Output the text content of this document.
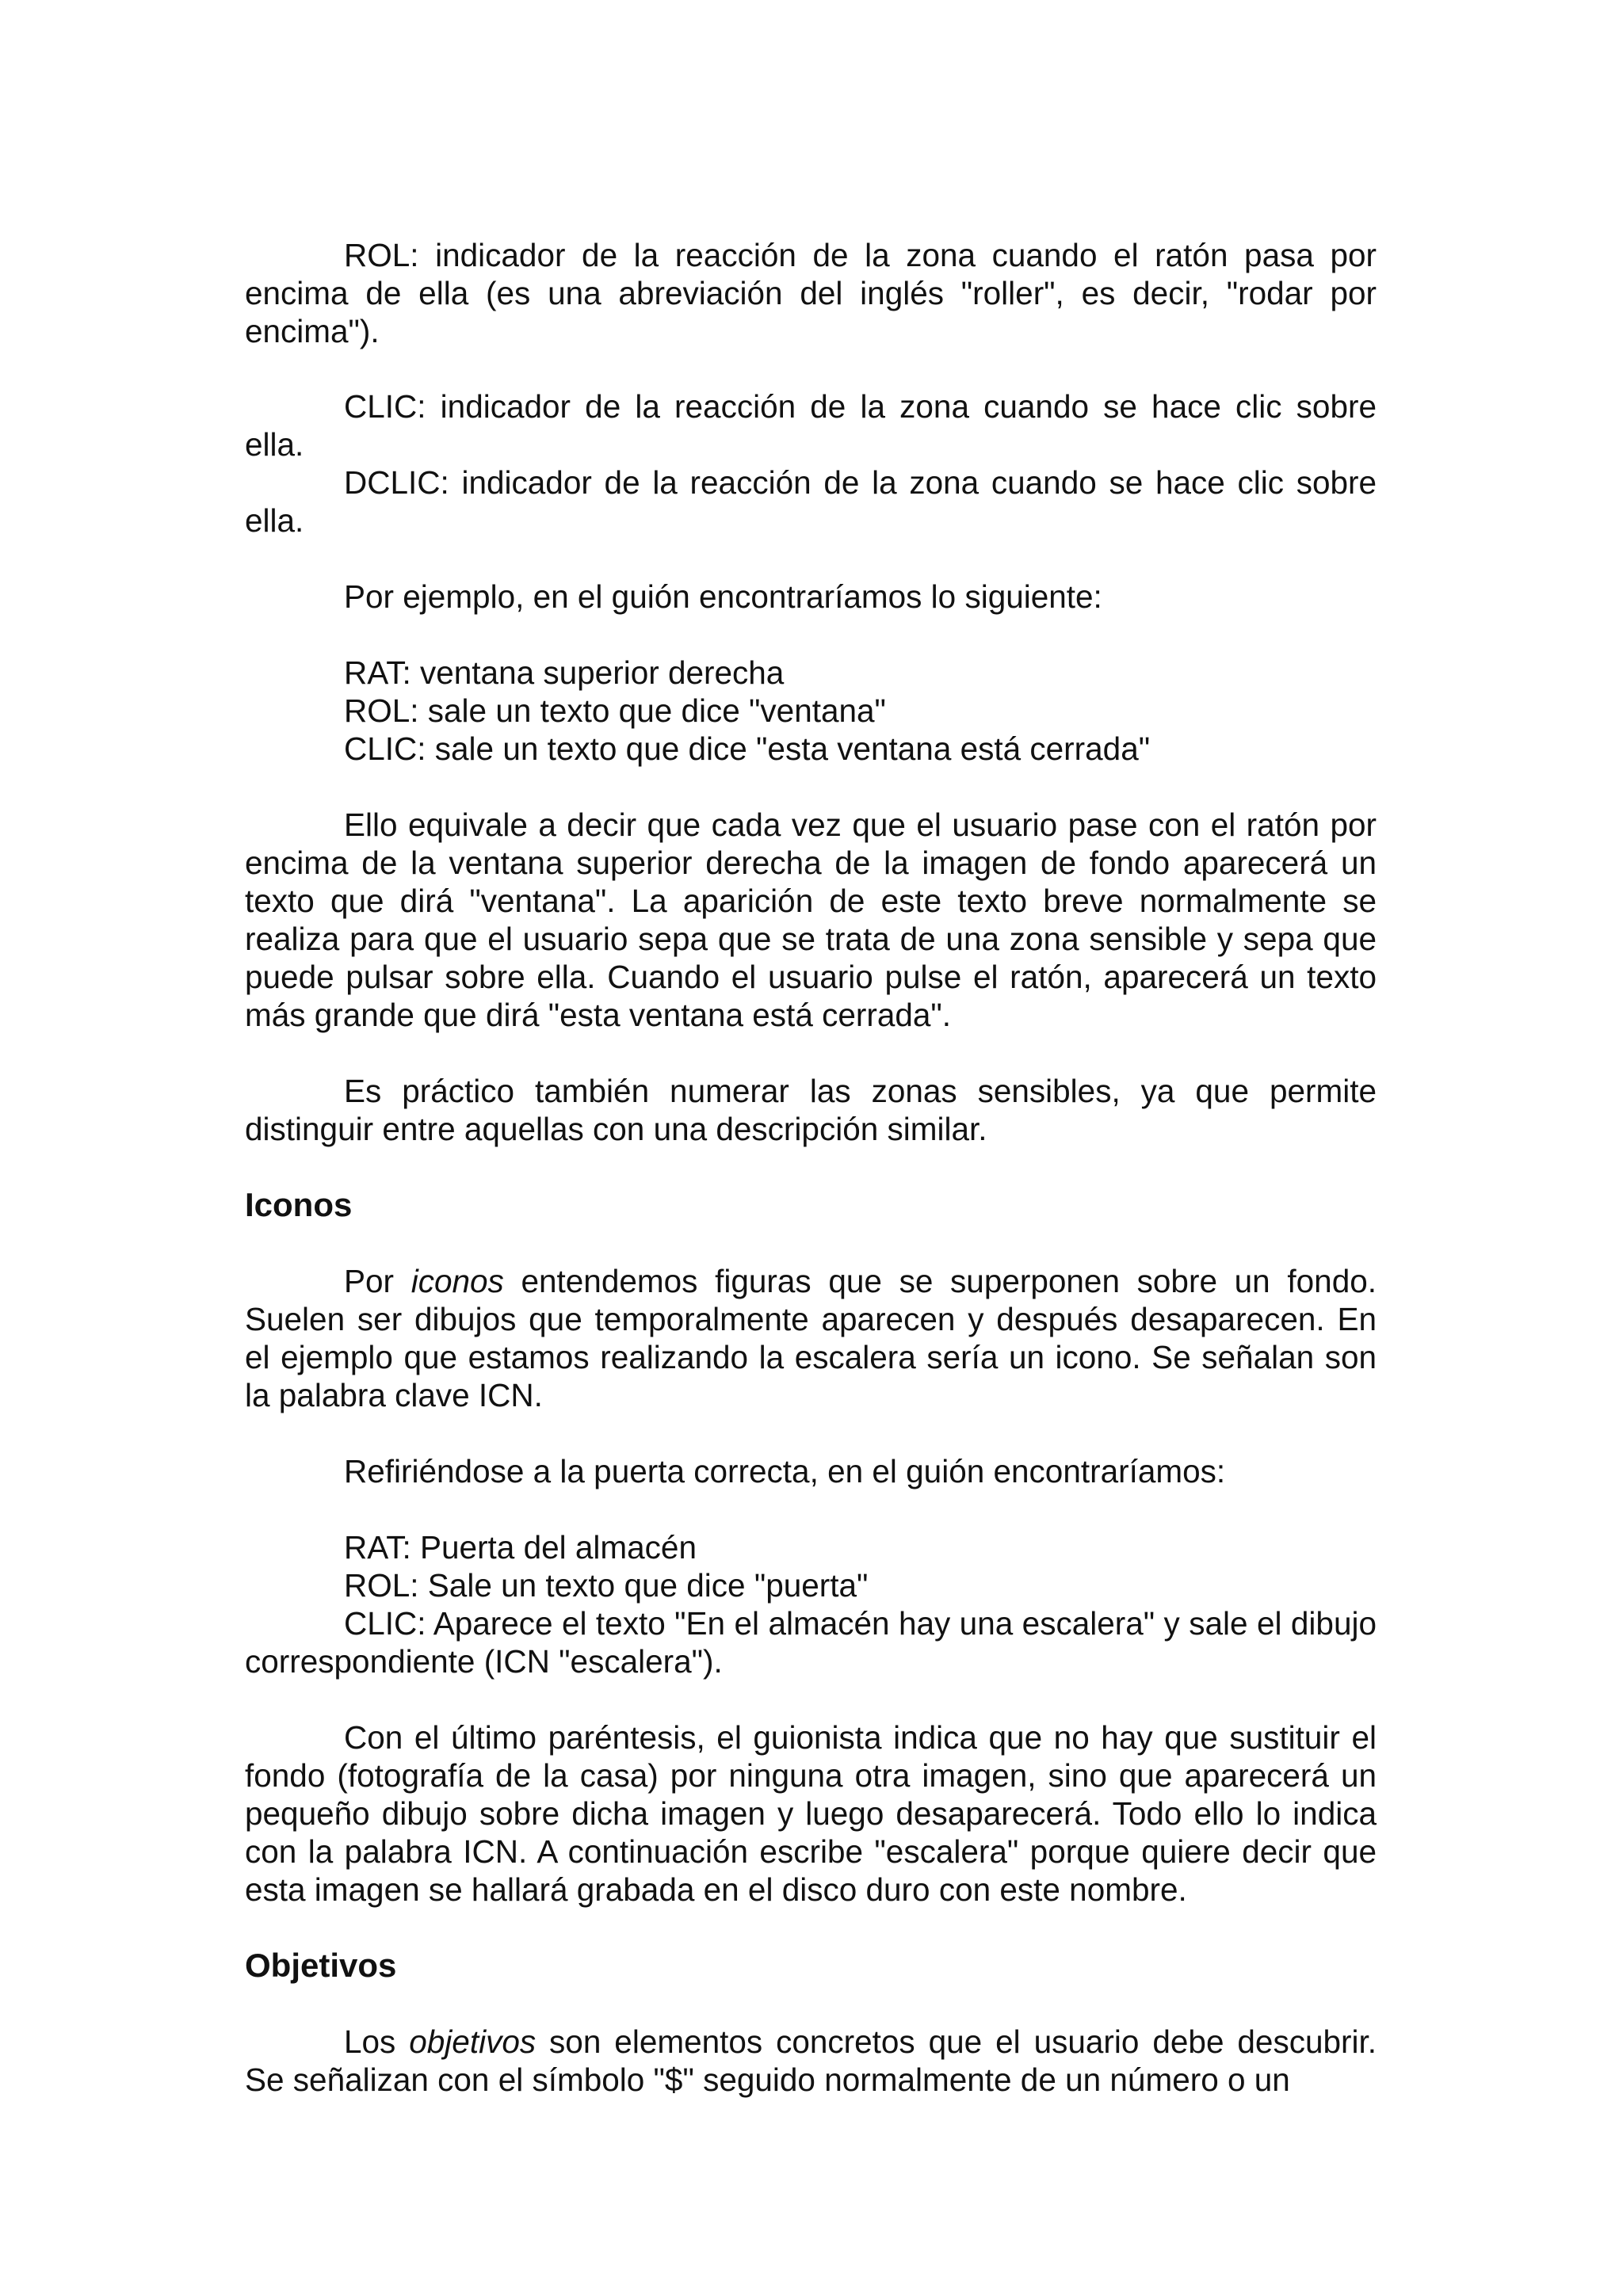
ROL: indicador de la reacción de la zona cuando el ratón pasa por encima de ella (es una abreviación del inglés "roller", es decir, "rodar por encima").
CLIC: indicador de la reacción de la zona cuando se hace clic sobre ella.
DCLIC: indicador de la reacción de la zona cuando se hace clic sobre ella.
Por ejemplo, en el guión encontraríamos lo siguiente:
RAT: ventana superior derecha
ROL: sale un texto que dice "ventana"
CLIC: sale un texto que dice "esta ventana está cerrada"
Ello equivale a decir que cada vez que el usuario pase con el ratón por encima de la ventana superior derecha de la imagen de fondo aparecerá un texto que dirá "ventana". La aparición de este texto breve normalmente se realiza para que el usuario sepa que se trata de una zona sensible y sepa que puede pulsar sobre ella. Cuando el usuario pulse el ratón, aparecerá un texto más grande que dirá "esta ventana está cerrada".
Es práctico también numerar las zonas sensibles, ya que permite distinguir entre aquellas con una descripción similar.
Iconos
Por iconos entendemos figuras que se superponen sobre un fondo. Suelen ser dibujos que temporalmente aparecen y después desaparecen. En el ejemplo que estamos realizando la escalera sería un icono. Se señalan son la palabra clave ICN.
Refiriéndose a la puerta correcta, en el guión encontraríamos:
RAT: Puerta del almacén
ROL: Sale un texto que dice "puerta"
CLIC: Aparece el texto "En el almacén hay una escalera" y sale el dibujo correspondiente (ICN "escalera").
Con el último paréntesis, el guionista indica que no hay que sustituir el fondo (fotografía de la casa) por ninguna otra imagen, sino que aparecerá un pequeño dibujo sobre dicha imagen y luego desaparecerá. Todo ello lo indica con la palabra ICN. A continuación escribe "escalera" porque quiere decir que esta imagen se hallará grabada en el disco duro con este nombre.
Objetivos
Los objetivos son elementos concretos que el usuario debe descubrir. Se señalizan con el símbolo "$" seguido normalmente de un número o un
